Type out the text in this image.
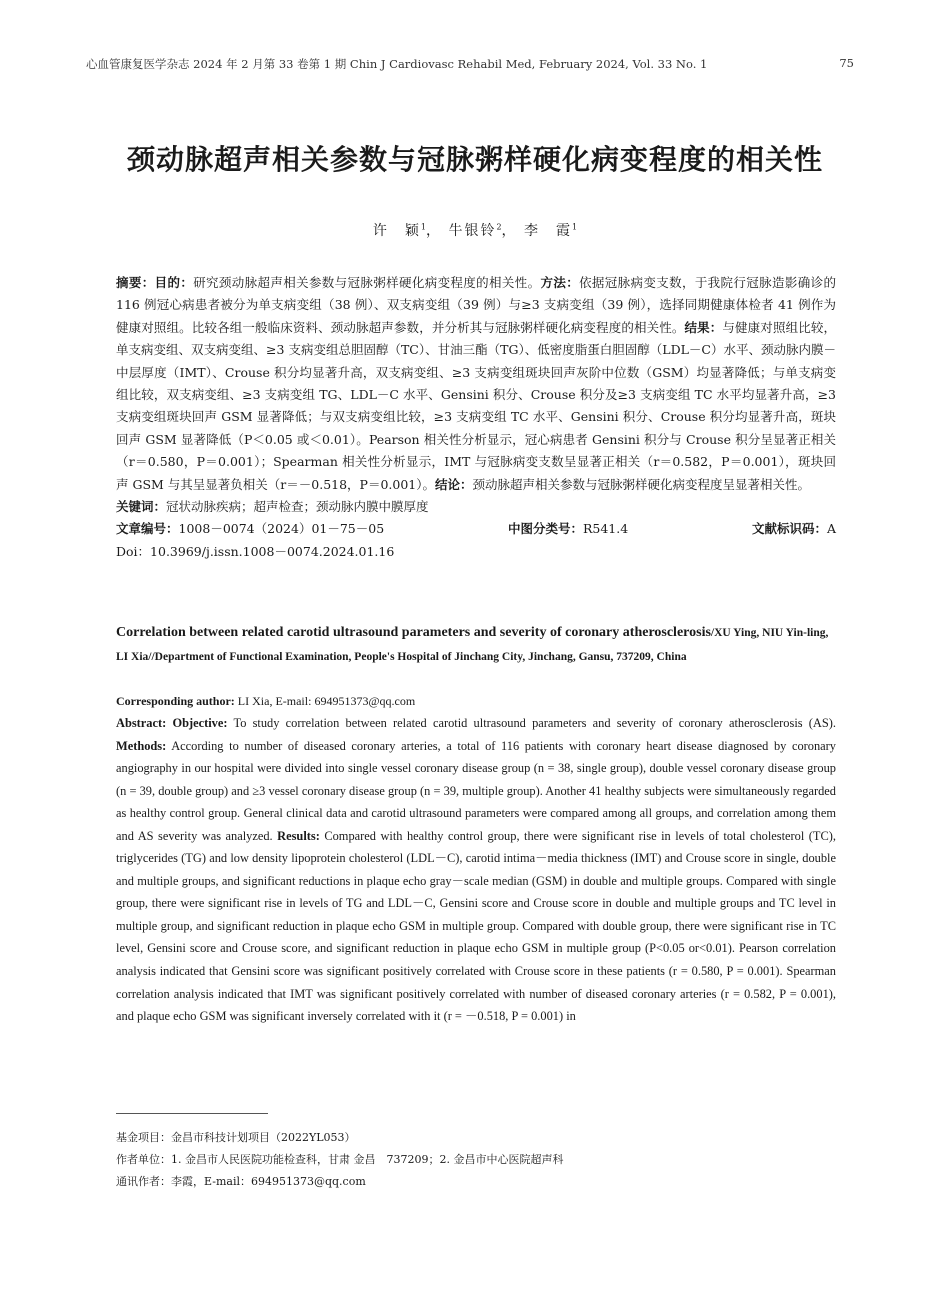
心血管康复医学杂志 2024 年 2 月第 33 卷第 1 期 Chin J Cardiovasc Rehabil Med, February 2024, Vol. 33 No. 1	75
颈动脉超声相关参数与冠脉粥样硬化病变程度的相关性
许　颖$^1$， 牛银铃$^2$， 李　霞$^1$
摘要：目的：研究颈动脉超声相关参数与冠脉粥样硬化病变程度的相关性。方法：依据冠脉病变支数，于我院行冠脉造影确诊的 116 例冠心病患者被分为单支病变组（38 例）、双支病变组（39 例）与≥3 支病变组（39 例），选择同期健康体检者 41 例作为健康对照组。比较各组一般临床资料、颈动脉超声参数，并分析其与冠脉粥样硬化病变程度的相关性。结果：与健康对照组比较，单支病变组、双支病变组、≥3 支病变组总胆固醇（TC）、甘油三酯（TG）、低密度脂蛋白胆固醇（LDL－C）水平、颈动脉内膜－中层厚度（IMT）、Crouse 积分均显著升高，双支病变组、≥3 支病变组斑块回声灰阶中位数（GSM）均显著降低；与单支病变组比较，双支病变组、≥3 支病变组 TG、LDL－C 水平、Gensini 积分、Crouse 积分及≥3 支病变组 TC 水平均显著升高，≥3 支病变组斑块回声 GSM 显著降低；与双支病变组比较，≥3 支病变组 TC 水平、Gensini 积分、Crouse 积分均显著升高，斑块回声 GSM 显著降低（P＜0.05 或＜0.01）。Pearson 相关性分析显示，冠心病患者 Gensini 积分与 Crouse 积分呈显著正相关（r＝0.580，P＝0.001）；Spearman 相关性分析显示，IMT 与冠脉病变支数呈显著正相关（r＝0.582，P＝0.001），斑块回声 GSM 与其呈显著负相关（r＝－0.518，P＝0.001）。结论：颈动脉超声相关参数与冠脉粥样硬化病变程度呈显著相关性。
关键词：冠状动脉疾病；超声检查；颈动脉内膜中膜厚度
文章编号：1008－0074（2024）01－75－05	中图分类号：R541.4	文献标识码：A
Doi：10.3969/j.issn.1008－0074.2024.01.16
Correlation between related carotid ultrasound parameters and severity of coronary atherosclerosis/XU Ying, NIU Yin-ling, LI Xia//Department of Functional Examination, People's Hospital of Jinchang City, Jinchang, Gansu, 737209, China
Corresponding author: LI Xia, E-mail: 694951373@qq.com
Abstract: Objective: To study correlation between related carotid ultrasound parameters and severity of coronary atherosclerosis (AS). Methods: According to number of diseased coronary arteries, a total of 116 patients with coronary heart disease diagnosed by coronary angiography in our hospital were divided into single vessel coronary disease group (n = 38, single group), double vessel coronary disease group (n = 39, double group) and ≥3 vessel coronary disease group (n = 39, multiple group). Another 41 healthy subjects were simultaneously regarded as healthy control group. General clinical data and carotid ultrasound parameters were compared among all groups, and correlation among them and AS severity was analyzed. Results: Compared with healthy control group, there were significant rise in levels of total cholesterol (TC), triglycerides (TG) and low density lipoprotein cholesterol (LDL－C), carotid intima－media thickness (IMT) and Crouse score in single, double and multiple groups, and significant reductions in plaque echo gray－scale median (GSM) in double and multiple groups. Compared with single group, there were significant rise in levels of TG and LDL－C, Gensini score and Crouse score in double and multiple groups and TC level in multiple group, and significant reduction in plaque echo GSM in multiple group. Compared with double group, there were significant rise in TC level, Gensini score and Crouse score, and significant reduction in plaque echo GSM in multiple group (P<0.05 or<0.01). Pearson correlation analysis indicated that Gensini score was significant positively correlated with Crouse score in these patients (r = 0.580, P = 0.001). Spearman correlation analysis indicated that IMT was significant positively correlated with number of diseased coronary arteries (r = 0.582, P = 0.001), and plaque echo GSM was significant inversely correlated with it (r = －0.518, P = 0.001) in
基金项目：金昌市科技计划项目（2022YL053）
作者单位：1. 金昌市人民医院功能检查科，甘肃 金昌　737209；2. 金昌市中心医院超声科
通讯作者：李霞，E-mail：694951373@qq.com
